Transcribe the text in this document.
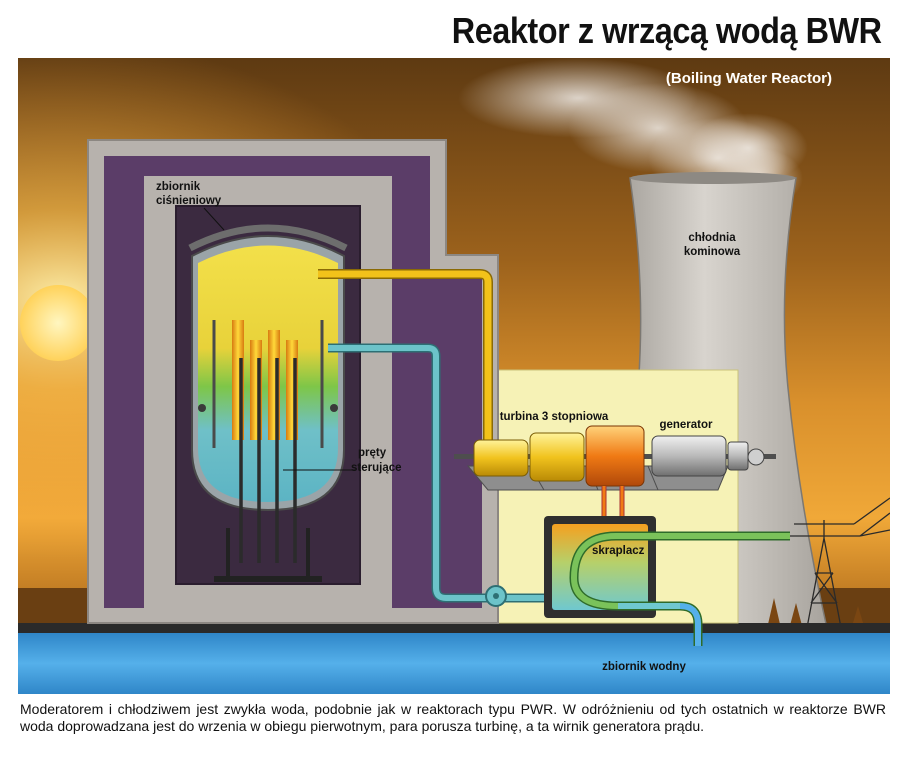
Reaktor z wrzącą wodą BWR
chłodnia
kominowa
zbiornik wodny
zbiornik
ciśnieniowy
pręty
sterujące
turbina 3 stopniowa
generator
skraplacz
(Boiling Water Reactor)
Moderatorem i chłodziwem jest zwykła woda, podobnie jak w reaktorach typu PWR. W odróżnieniu od tych ostatnich w reaktorze BWR woda doprowadzana jest do wrzenia w obiegu pierwotnym, para porusza turbinę, a ta wirnik generatora prądu.
